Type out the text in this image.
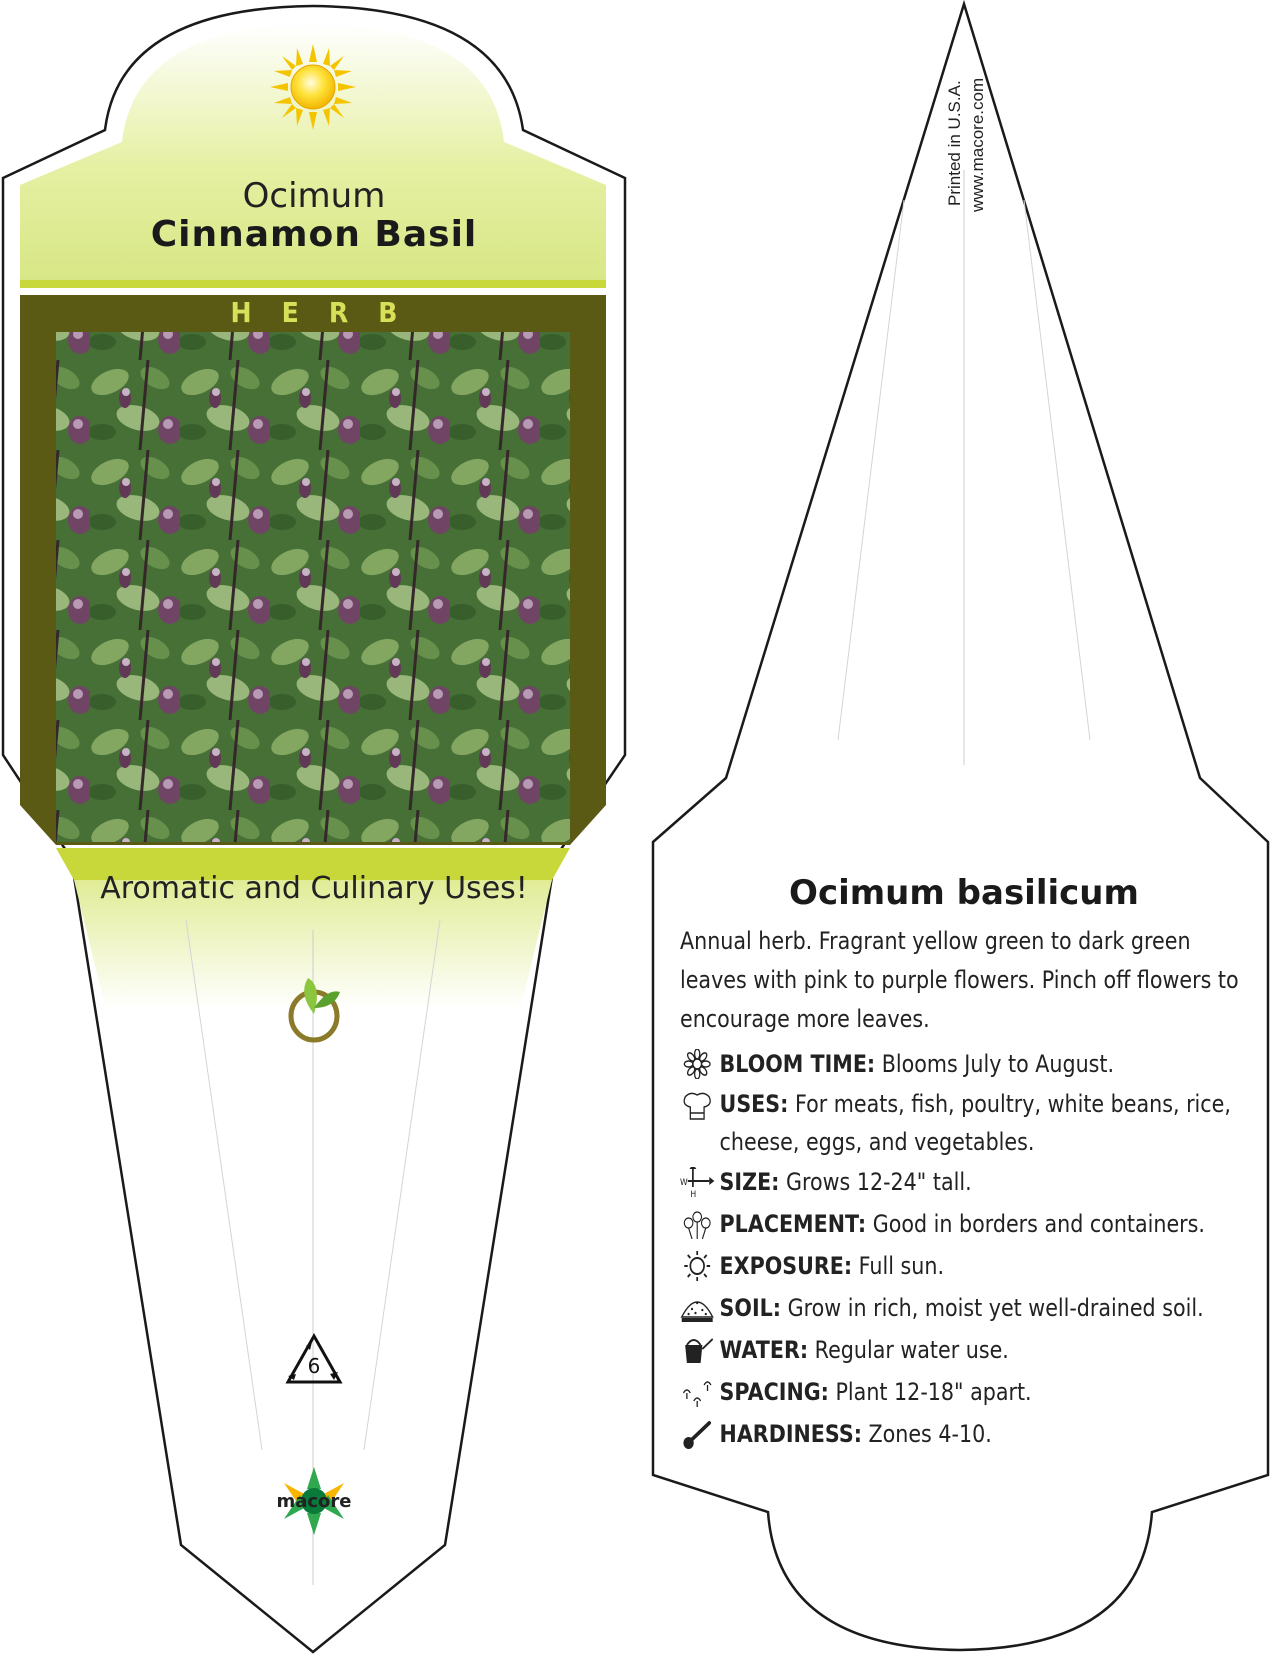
Ocimum
Cinnamon Basil
HERB
Aromatic and Culinary Uses!
6
macore
Printed in U.S.A. www.macore.com
Ocimum basilicum
Annual herb. Fragrant yellow green to dark green leaves with pink to purple flowers. Pinch off flowers to encourage more leaves.
BLOOM TIME: Blooms July to August.
USES: For meats, fish, poultry, white beans, rice, cheese, eggs, and vegetables.
W
H SIZE: Grows 12-24" tall.
PLACEMENT: Good in borders and containers.
EXPOSURE: Full sun.
SOIL: Grow in rich, moist yet well-drained soil.
WATER: Regular water use.
SPACING: Plant 12-18" apart.
HARDINESS: Zones 4-10.
